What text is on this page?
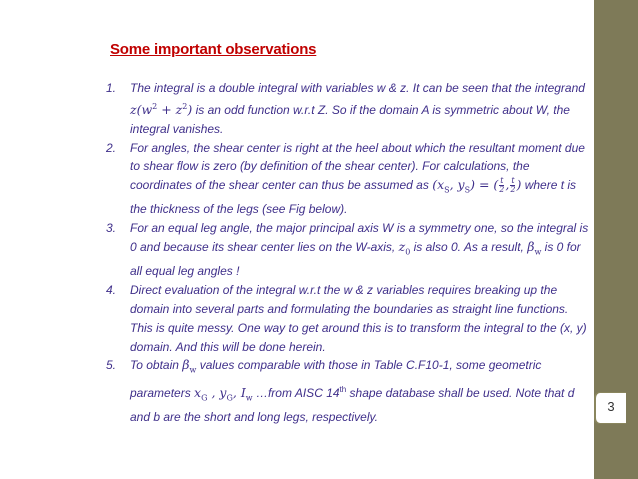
3
Some important observations
1. The integral is a double integral with variables w & z. It can be seen that the integrand $z(w^2 + z^2)$ is an odd function w.r.t Z. So if the domain A is symmetric about W, the integral vanishes.
2. For angles, the shear center is right at the heel about which the resultant moment due to shear flow is zero (by definition of the shear center). For calculations, the coordinates of the shear center can thus be assumed as ($x_S$, $y_S$) = ( $\frac{t}{2}$ , $\frac{t}{2}$ ) where t is the thickness of the legs (see Fig below).
3. For an equal leg angle, the major principal axis W is a symmetry one, so the integral is 0 and because its shear center lies on the W-axis, $z_0$ is also 0. As a result, $\beta_w$ is 0 for all equal leg angles !
4. Direct evaluation of the integral w.r.t the w & z variables requires breaking up the domain into several parts and formulating the boundaries as straight line functions. This is quite messy. One way to get around this is to transform the integral to the (x, y) domain. And this will be done herein.
5. To obtain $\beta_w$ values comparable with those in Table C.F10-1, some geometric parameters $x_G$ , $y_G$, $I_w$ …from AISC 14th shape database shall be used. Note that d and b are the short and long legs, respectively.
